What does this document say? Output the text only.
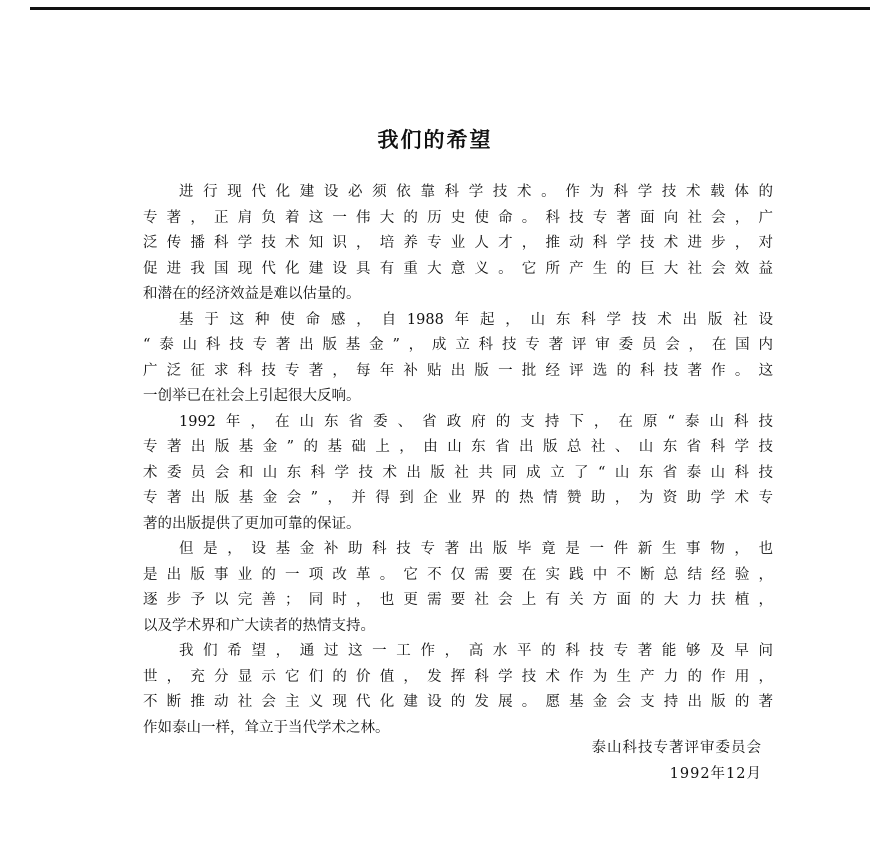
我们的希望
进行现代化建设必须依靠科学技术。作为科学技术载体的
专著，正肩负着这一伟大的历史使命。科技专著面向社会，广
泛传播科学技术知识，培养专业人才，推动科学技术进步，对
促进我国现代化建设具有重大意义。它所产生的巨大社会效益
和潜在的经济效益是难以估量的。
基于这种使命感，自1988年起，山东科学技术出版社设
“泰山科技专著出版基金”，成立科技专著评审委员会，在国内
广泛征求科技专著，每年补贴出版一批经评选的科技著作。这
一创举已在社会上引起很大反响。
1992年，在山东省委、省政府的支持下，在原“泰山科技
专著出版基金”的基础上，由山东省出版总社、山东省科学技
术委员会和山东科学技术出版社共同成立了“山东省泰山科技
专著出版基金会”，并得到企业界的热情赞助，为资助学术专
著的出版提供了更加可靠的保证。
但是，设基金补助科技专著出版毕竟是一件新生事物，也
是出版事业的一项改革。它不仅需要在实践中不断总结经验，
逐步予以完善；同时，也更需要社会上有关方面的大力扶植，
以及学术界和广大读者的热情支持。
我们希望，通过这一工作，高水平的科技专著能够及早问
世，充分显示它们的价值，发挥科学技术作为生产力的作用，
不断推动社会主义现代化建设的发展。愿基金会支持出版的著
作如泰山一样，耸立于当代学术之林。
泰山科技专著评审委员会
1992年12月
